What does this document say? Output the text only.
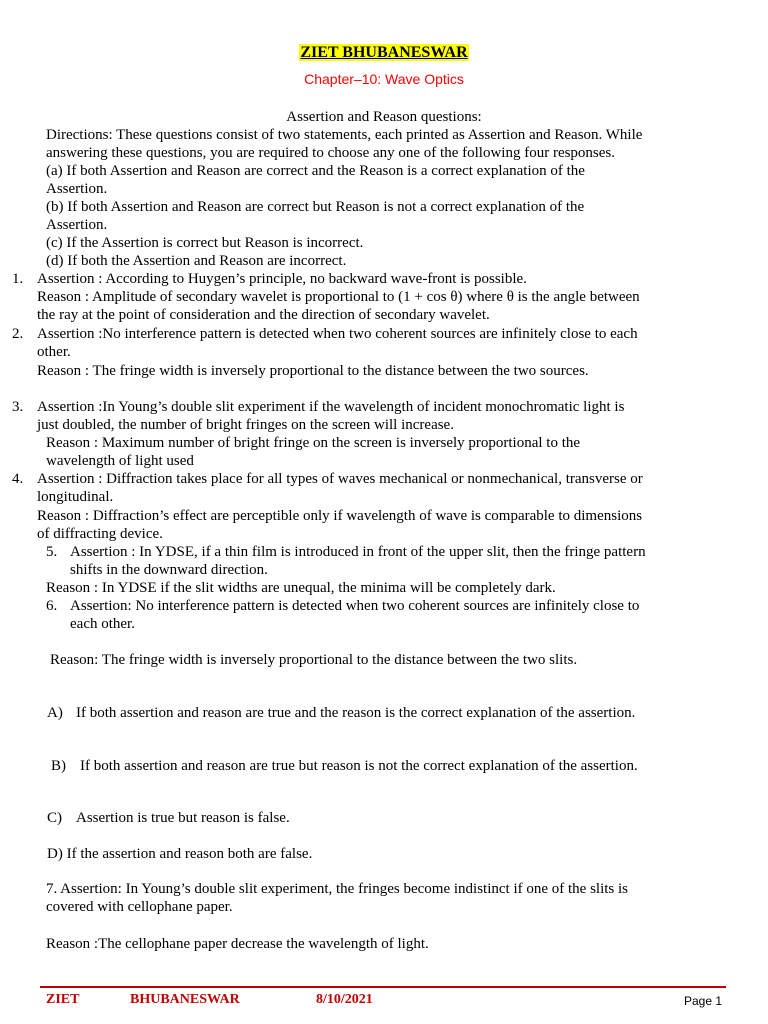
ZIET BHUBANESWAR
Chapter–10: Wave Optics
Assertion and Reason questions:
Directions: These questions consist of two statements, each printed as Assertion and Reason. While
answering these questions, you are required to choose any one of the following four responses.
(a) If both Assertion and Reason are correct and the Reason is a correct explanation of the
Assertion.
(b) If both Assertion and Reason are correct but Reason is not a correct explanation of the
Assertion.
(c) If the Assertion is correct but Reason is incorrect.
(d) If both the Assertion and Reason are incorrect.
1. Assertion : According to Huygen’s principle, no backward wave-front is possible.
Reason : Amplitude of secondary wavelet is proportional to (1 + cos θ) where θ is the angle between
the ray at the point of consideration and the direction of secondary wavelet.
2. Assertion :No interference pattern is detected when two coherent sources are infinitely close to each
other.
Reason : The fringe width is inversely proportional to the distance between the two sources.
3. Assertion :In Young’s double slit experiment if the wavelength of incident monochromatic light is
just doubled, the number of bright fringes on the screen will increase.
Reason : Maximum number of bright fringe on the screen is inversely proportional to the
wavelength of light used
4. Assertion : Diffraction takes place for all types of waves mechanical or nonmechanical, transverse or
longitudinal.
Reason : Diffraction’s effect are perceptible only if wavelength of wave is comparable to dimensions
of diffracting device.
5. Assertion : In YDSE, if a thin film is introduced in front of the upper slit, then the fringe pattern
shifts in the downward direction.
Reason : In YDSE if the slit widths are unequal, the minima will be completely dark.
6. Assertion: No interference pattern is detected when two coherent sources are infinitely close to
each other.
Reason: The fringe width is inversely proportional to the distance between the two slits.
A) If both assertion and reason are true and the reason is the correct explanation of the assertion.
B) If both assertion and reason are true but reason is not the correct explanation of the assertion.
C) Assertion is true but reason is false.
D) If the assertion and reason both are false.
7. Assertion: In Young’s double slit experiment, the fringes become indistinct if one of the slits is
covered with cellophane paper.
Reason :The cellophane paper decrease the wavelength of light.
ZIET	BHUBANESWAR	8/10/2021	Page 1
